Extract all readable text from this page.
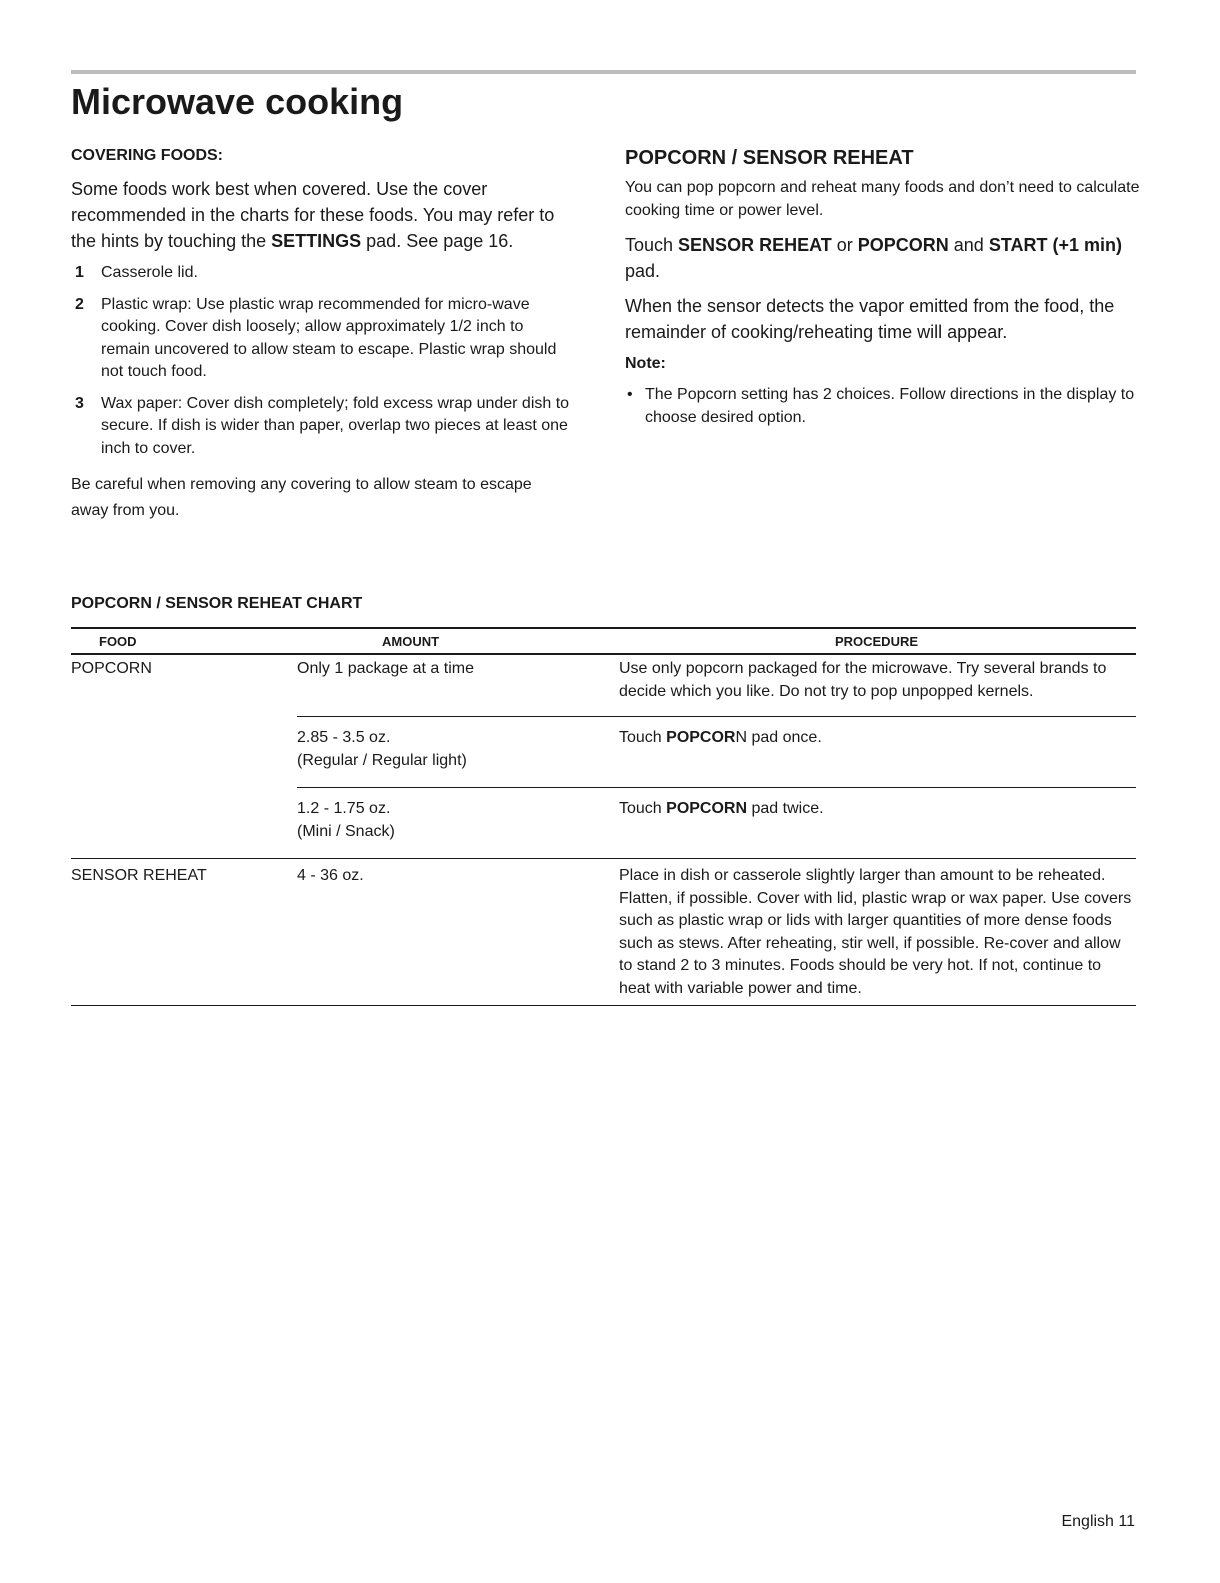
Microwave cooking
COVERING FOODS:

Some foods work best when covered. Use the cover recommended in the charts for these foods. You may refer to the hints by touching the SETTINGS pad. See page 16.

1 Casserole lid.
2 Plastic wrap: Use plastic wrap recommended for micro-wave cooking. Cover dish loosely; allow approximately 1/2 inch to remain uncovered to allow steam to escape. Plastic wrap should not touch food.
3 Wax paper: Cover dish completely; fold excess wrap under dish to secure. If dish is wider than paper, overlap two pieces at least one inch to cover.

Be careful when removing any covering to allow steam to escape away from you.

POPCORN / SENSOR REHEAT

You can pop popcorn and reheat many foods and don’t need to calculate cooking time or power level.

Touch SENSOR REHEAT or POPCORN and START (+1 min) pad.

When the sensor detects the vapor emitted from the food, the remainder of cooking/reheating time will appear.

Note:

• The Popcorn setting has 2 choices. Follow directions in the display to choose desired option.
POPCORN / SENSOR REHEAT CHART
FOOD	AMOUNT	PROCEDURE
POPCORN	Only 1 package at a time	Use only popcorn packaged for the microwave. Try several brands to decide which you like. Do not try to pop unpopped kernels.

	2.85 - 3.5 oz.
(Regular / Regular light)	Touch POPCORN pad once.

	1.2 - 1.75 oz.
(Mini / Snack)	Touch POPCORN pad twice.
SENSOR REHEAT	4 - 36 oz.	Place in dish or casserole slightly larger than amount to be reheated. Flatten, if possible. Cover with lid, plastic wrap or wax paper. Use covers such as plastic wrap or lids with larger quantities of more dense foods such as stews. After reheating, stir well, if possible. Re-cover and allow to stand 2 to 3 minutes. Foods should be very hot. If not, continue to heat with variable power and time.
English 11
